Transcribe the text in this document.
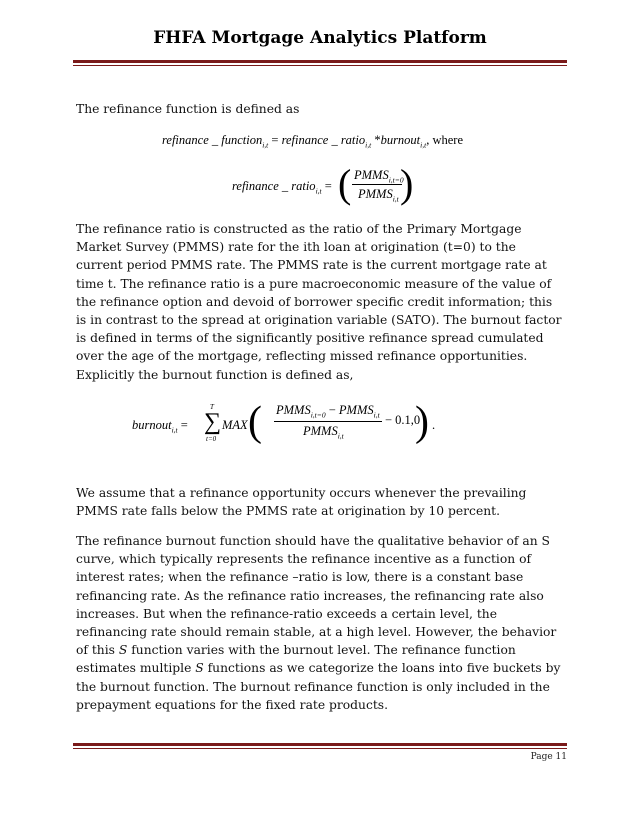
FHFA Mortgage Analytics Platform

The refinance function is defined as

refinance _ function$_{i,t}$ = refinance _ ratio$_{i,t}$ *burnout$_{i,t}$, where
refinance _ ratio$_{i,t}$ = ( $PMMS_{i,t=0}$
$PMMS_{i,t}$ )

The refinance ratio is constructed as the ratio of the Primary Mortgage Market Survey (PMMS) rate for the ith loan at origination (t=0) to the current period PMMS rate. The PMMS rate is the current mortgage rate at time t. The refinance ratio is a pure macroeconomic measure of the value of the refinance option and devoid of borrower specific credit information; this is in contrast to the spread at origination variable (SATO). The burnout factor is defined in terms of the significantly positive refinance spread cumulated over the age of the mortgage, reflecting missed refinance opportunities. Explicitly the burnout function is defined as,

burnout$_{i,t}$ =
T
∑
t=0
MAX ( $PMMS_{i,t=0}$ − $PMMS_{i,t}$
$PMMS_{i,t}$
− 0.1,0
) .

We assume that a refinance opportunity occurs whenever the prevailing PMMS rate falls below the PMMS rate at origination by 10 percent.

The refinance burnout function should have the qualitative behavior of an S curve, which typically represents the refinance incentive as a function of interest rates; when the refinance –ratio is low, there is a constant base refinancing rate. As the refinance ratio increases, the refinancing rate also increases. But when the refinance-ratio exceeds a certain level, the refinancing rate should remain stable, at a high level. However, the behavior of this S function varies with the burnout level. The refinance function estimates multiple S functions as we categorize the loans into five buckets by the burnout function. The burnout refinance function is only included in the prepayment equations for the fixed rate products.

Page 11
